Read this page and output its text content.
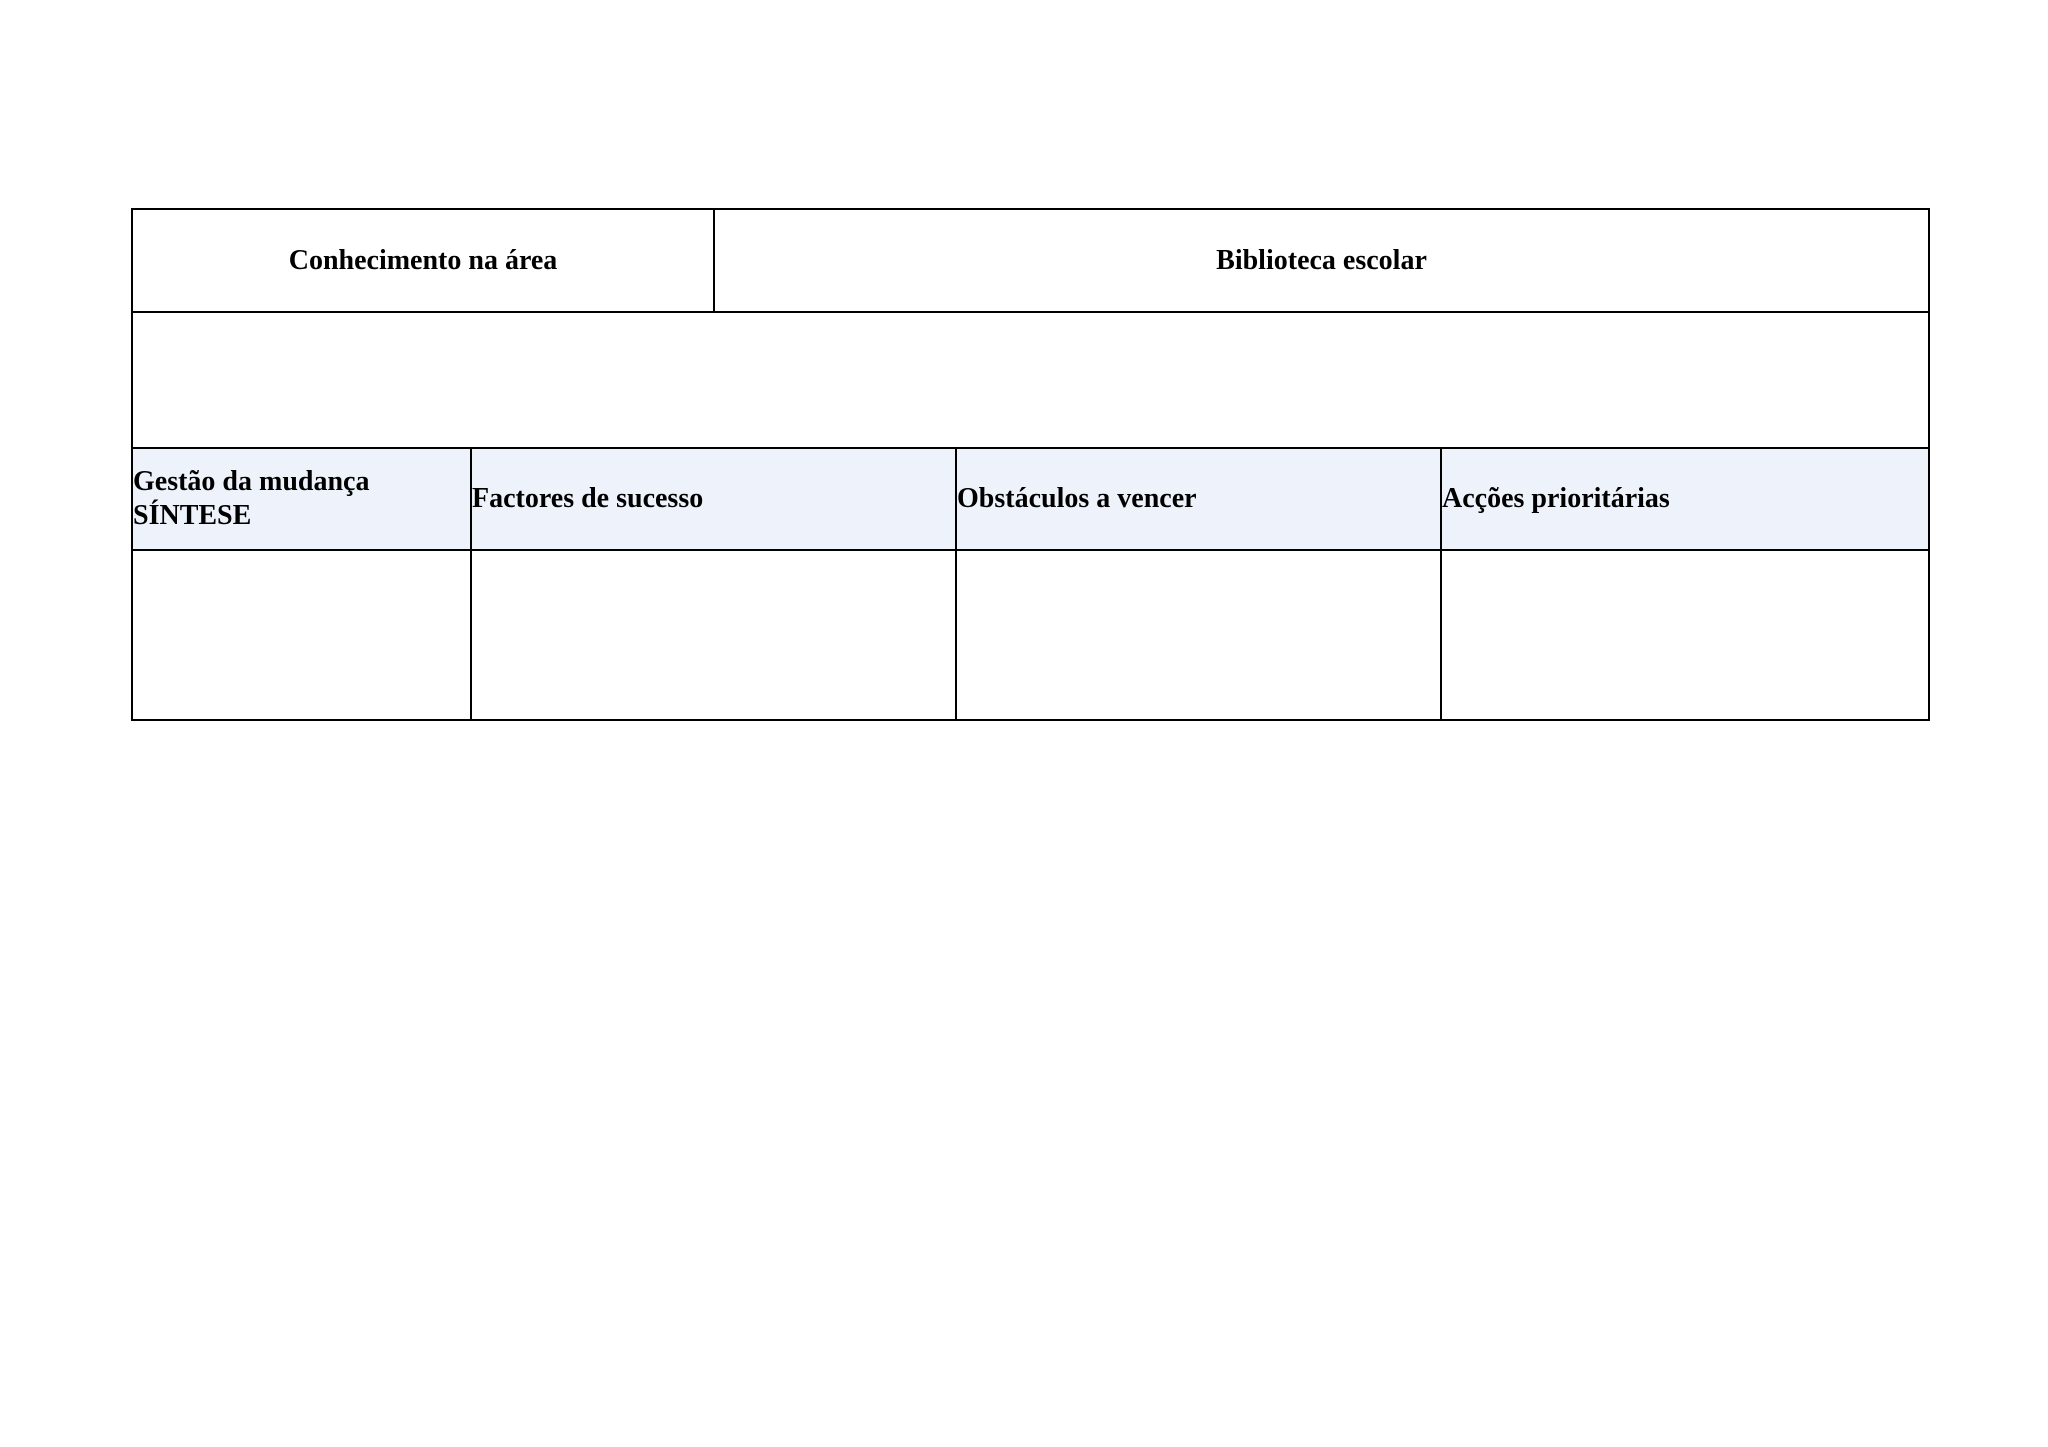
Conhecimento na área		Biblioteca escolar		

Gestão da mudança
SÍNTESE	Factores de sucesso		Obstáculos a vencer	Acções prioritárias
